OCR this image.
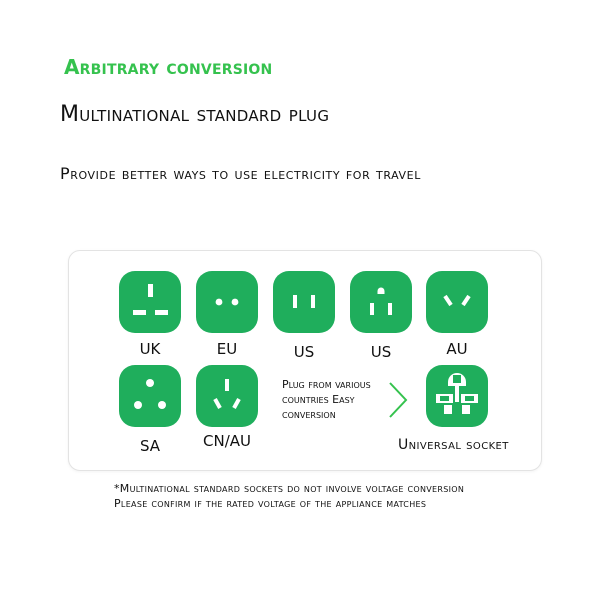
Arbitrary conversion
Multinational standard plug
Provide better ways to use electricity for travel
UK	EU	US	US	AU
SA	CN/AU
Plug from various countries Easy conversion
Universal socket
*Multinational standard sockets do not involve voltage conversion
Please confirm if the rated voltage of the appliance matches
